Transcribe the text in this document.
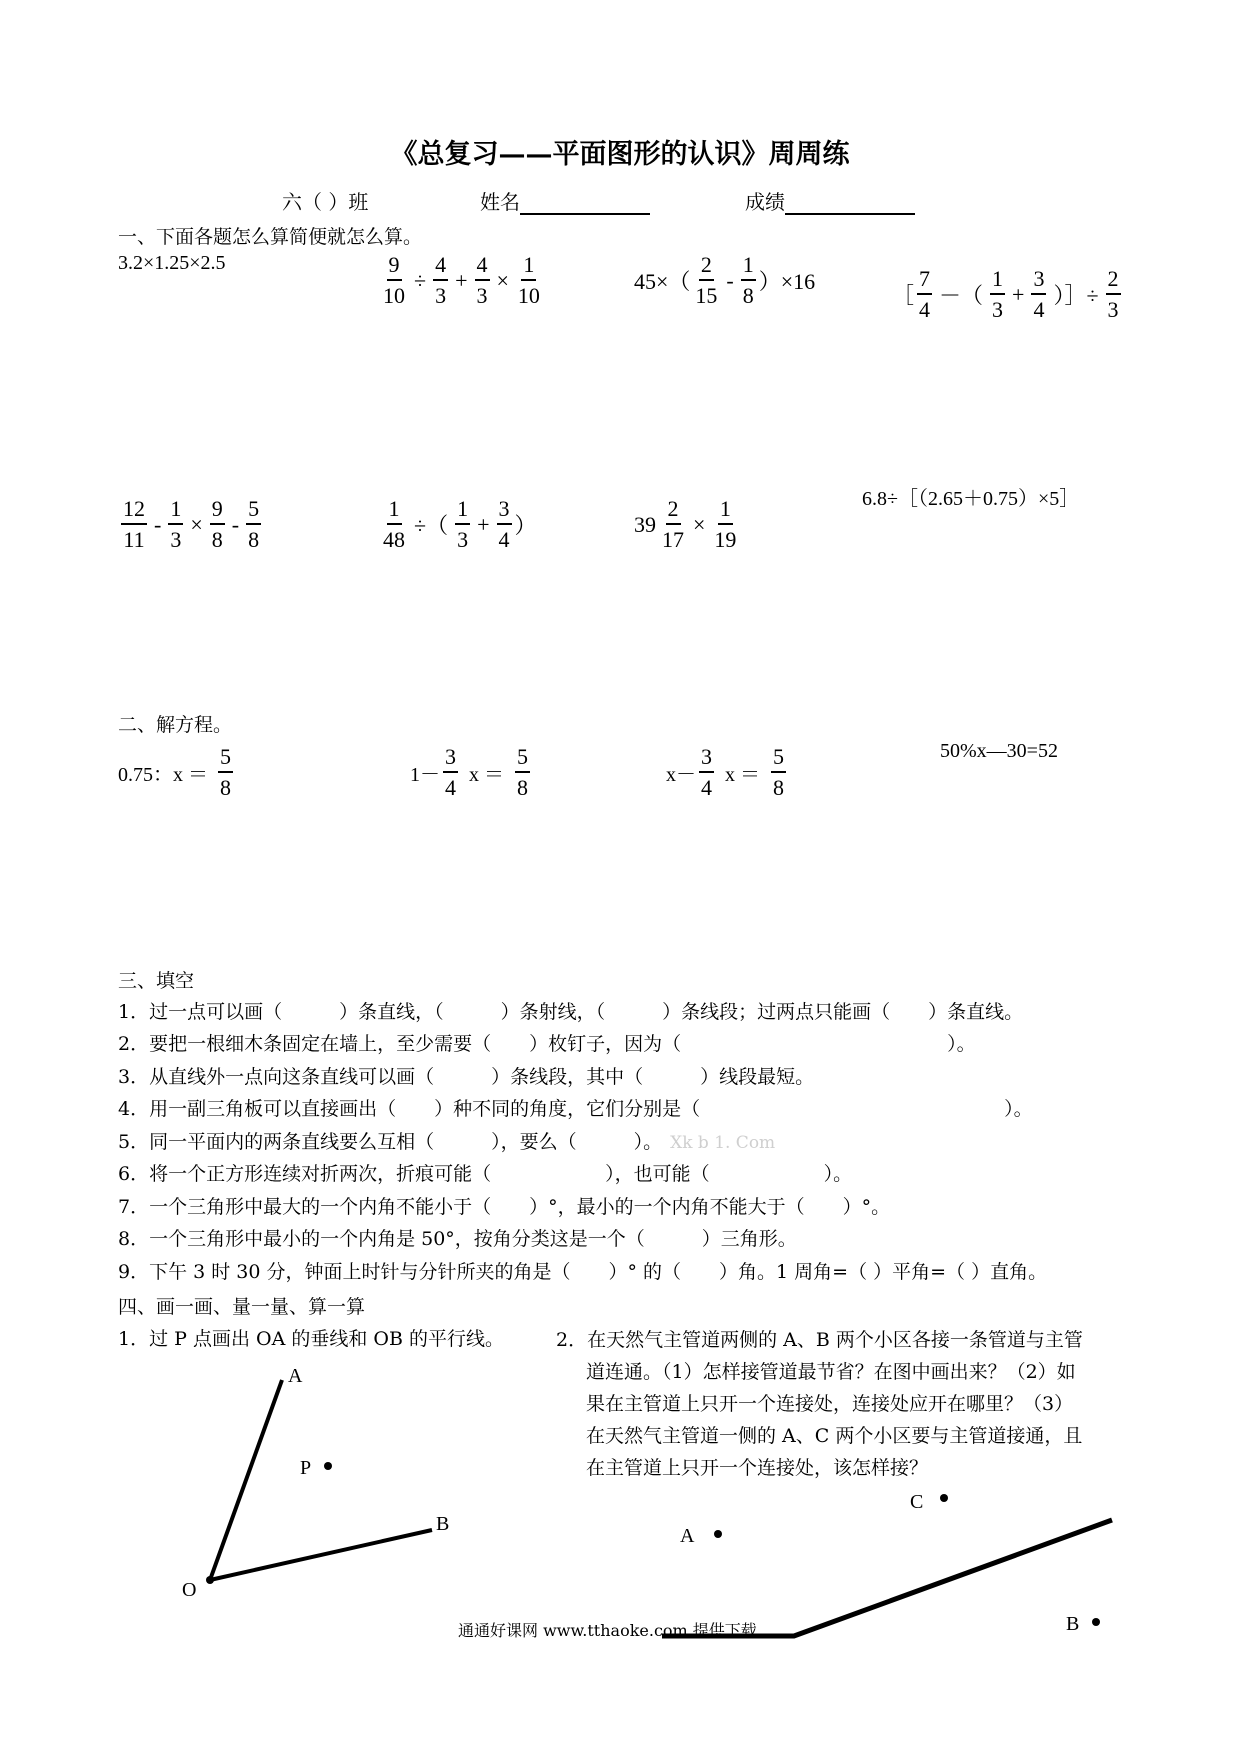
《总复习——平面图形的认识》周周练
六（ ）班	姓名	成绩
一、下面各题怎么算简便就怎么算。
3.2×1.25×2.5	$\frac{9}{10} \div \frac{4}{3} + \frac{4}{3} \times \frac{1}{10}$	$45\times( \frac{2}{15} - \frac{1}{8} )\times 16$
［ $\frac{7}{4}$ －（ $\frac{1}{3} + \frac{3}{4}$ ）］÷ $\frac{2}{3}$
$\frac{12}{11} - \frac{1}{3} \times \frac{9}{8} - \frac{5}{8}$	$\frac{1}{48}$ ÷（ $\frac{1}{3} + \frac{3}{4}$ ）	$39 \frac{2}{17} \times \frac{1}{19}$	6.8÷［（2.65＋0.75）×5］
二、解方程。
0.75：$x = \frac{5}{8}$	$1- \frac{3}{4}$ $x = \frac{5}{8}$	$x- \frac{3}{4}$ $x = \frac{5}{8}$	50%x—30=52
三、填空
1．过一点可以画（　　　）条直线，（　　　）条射线，（　　　）条线段；过两点只能画（　　）条直线。
2．要把一根细木条固定在墙上，至少需要（　　）枚钉子，因为（　　　　　　　　　　　　　　）。
3．从直线外一点向这条直线可以画（　　　）条线段，其中（　　　）线段最短。
4．用一副三角板可以直接画出（　　）种不同的角度，它们分别是（　　　　　　　　　　　　　　　　）。
5．同一平面内的两条直线要么互相（　　　），要么（　　　）。 Xk b 1. Com
6．将一个正方形连续对折两次，折痕可能（　　　　　　），也可能（　　　　　　）。
7．一个三角形中最大的一个内角不能小于（　　）°，最小的一个内角不能大于（　　）°。
8．一个三角形中最小的一个内角是 50°，按角分类这是一个（　　　）三角形。
9．下午 3 时 30 分，钟面上时针与分针所夹的角是（　　）° 的（　　）角。1 周角=（ ）平角=（ ）直角。
四、画一画、量一量、算一算
1．过 P 点画出 OA 的垂线和 OB 的平行线。	2．在天然气主管道两侧的 A、B 两个小区各接一条管道与主管
道连通。（1）怎样接管道最节省？在图中画出来？（2）如
果在主管道上只开一个连接处，连接处应开在哪里？（3）
在天然气主管道一侧的 A、C 两个小区要与主管道接通，且
在主管道上只开一个连接处，该怎样接？
A
P
B
O
A
C
B
通通好课网 www.tthaoke.com 提供下载
